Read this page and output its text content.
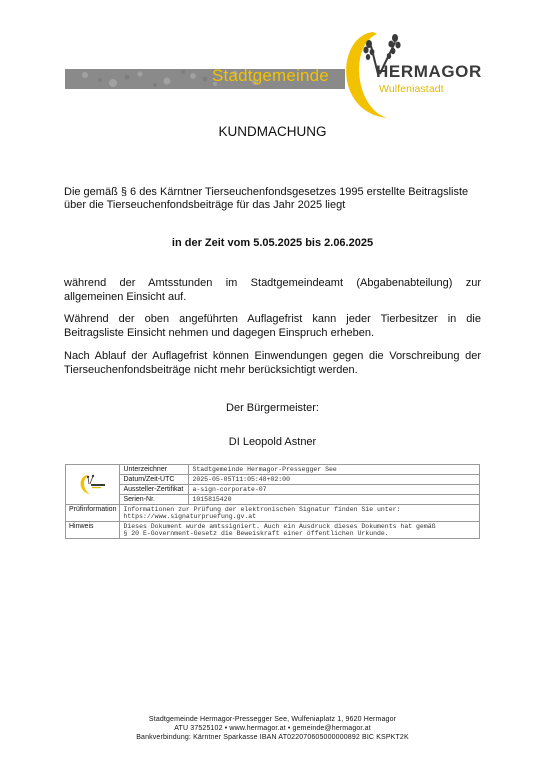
Stadtgemeinde	HERMAGOR
Wulfeniastadt
KUNDMACHUNG
Die gemäß § 6 des Kärntner Tierseuchenfondsgesetzes 1995 erstellte Beitragsliste
über die Tierseuchenfondsbeiträge für das Jahr 2025 liegt
in der Zeit vom 5.05.2025 bis 2.06.2025
während der Amtsstunden im Stadtgemeindeamt (Abgabenabteilung) zur allgemeinen Einsicht auf.
Während der oben angeführten Auflagefrist kann jeder Tierbesitzer in die Beitragsliste Einsicht nehmen und dagegen Einspruch erheben.
Nach Ablauf der Auflagefrist können Einwendungen gegen die Vorschreibung der Tierseuchenfondsbeiträge nicht mehr berücksichtigt werden.
Der Bürgermeister:
DI Leopold Astner
	Unterzeichner	Stadtgemeinde Hermagor-Pressegger See
	Datum/Zeit-UTC	2025-05-05T11:05:48+02:00
	Aussteller-Zertifikat	a-sign-corporate-07
	Serien-Nr.	1015815420
Prüfinformation	Informationen zur Prüfung der elektronischen Signatur finden Sie unter:
https://www.signaturpruefung.gv.at	

Hinweis	Dieses Dokument wurde amtssigniert. Auch ein Ausdruck dieses Dokuments hat gemäß
§ 20 E-Government-Gesetz die Beweiskraft einer öffentlichen Urkunde.	
Stadtgemeinde Hermagor-Pressegger See, Wulfeniaplatz 1, 9620 Hermagor
ATU 37525102 • www.hermagor.at • gemeinde@hermagor.at
Bankverbindung: Kärntner Sparkasse IBAN AT022070605000000892 BIC KSPKT2K
